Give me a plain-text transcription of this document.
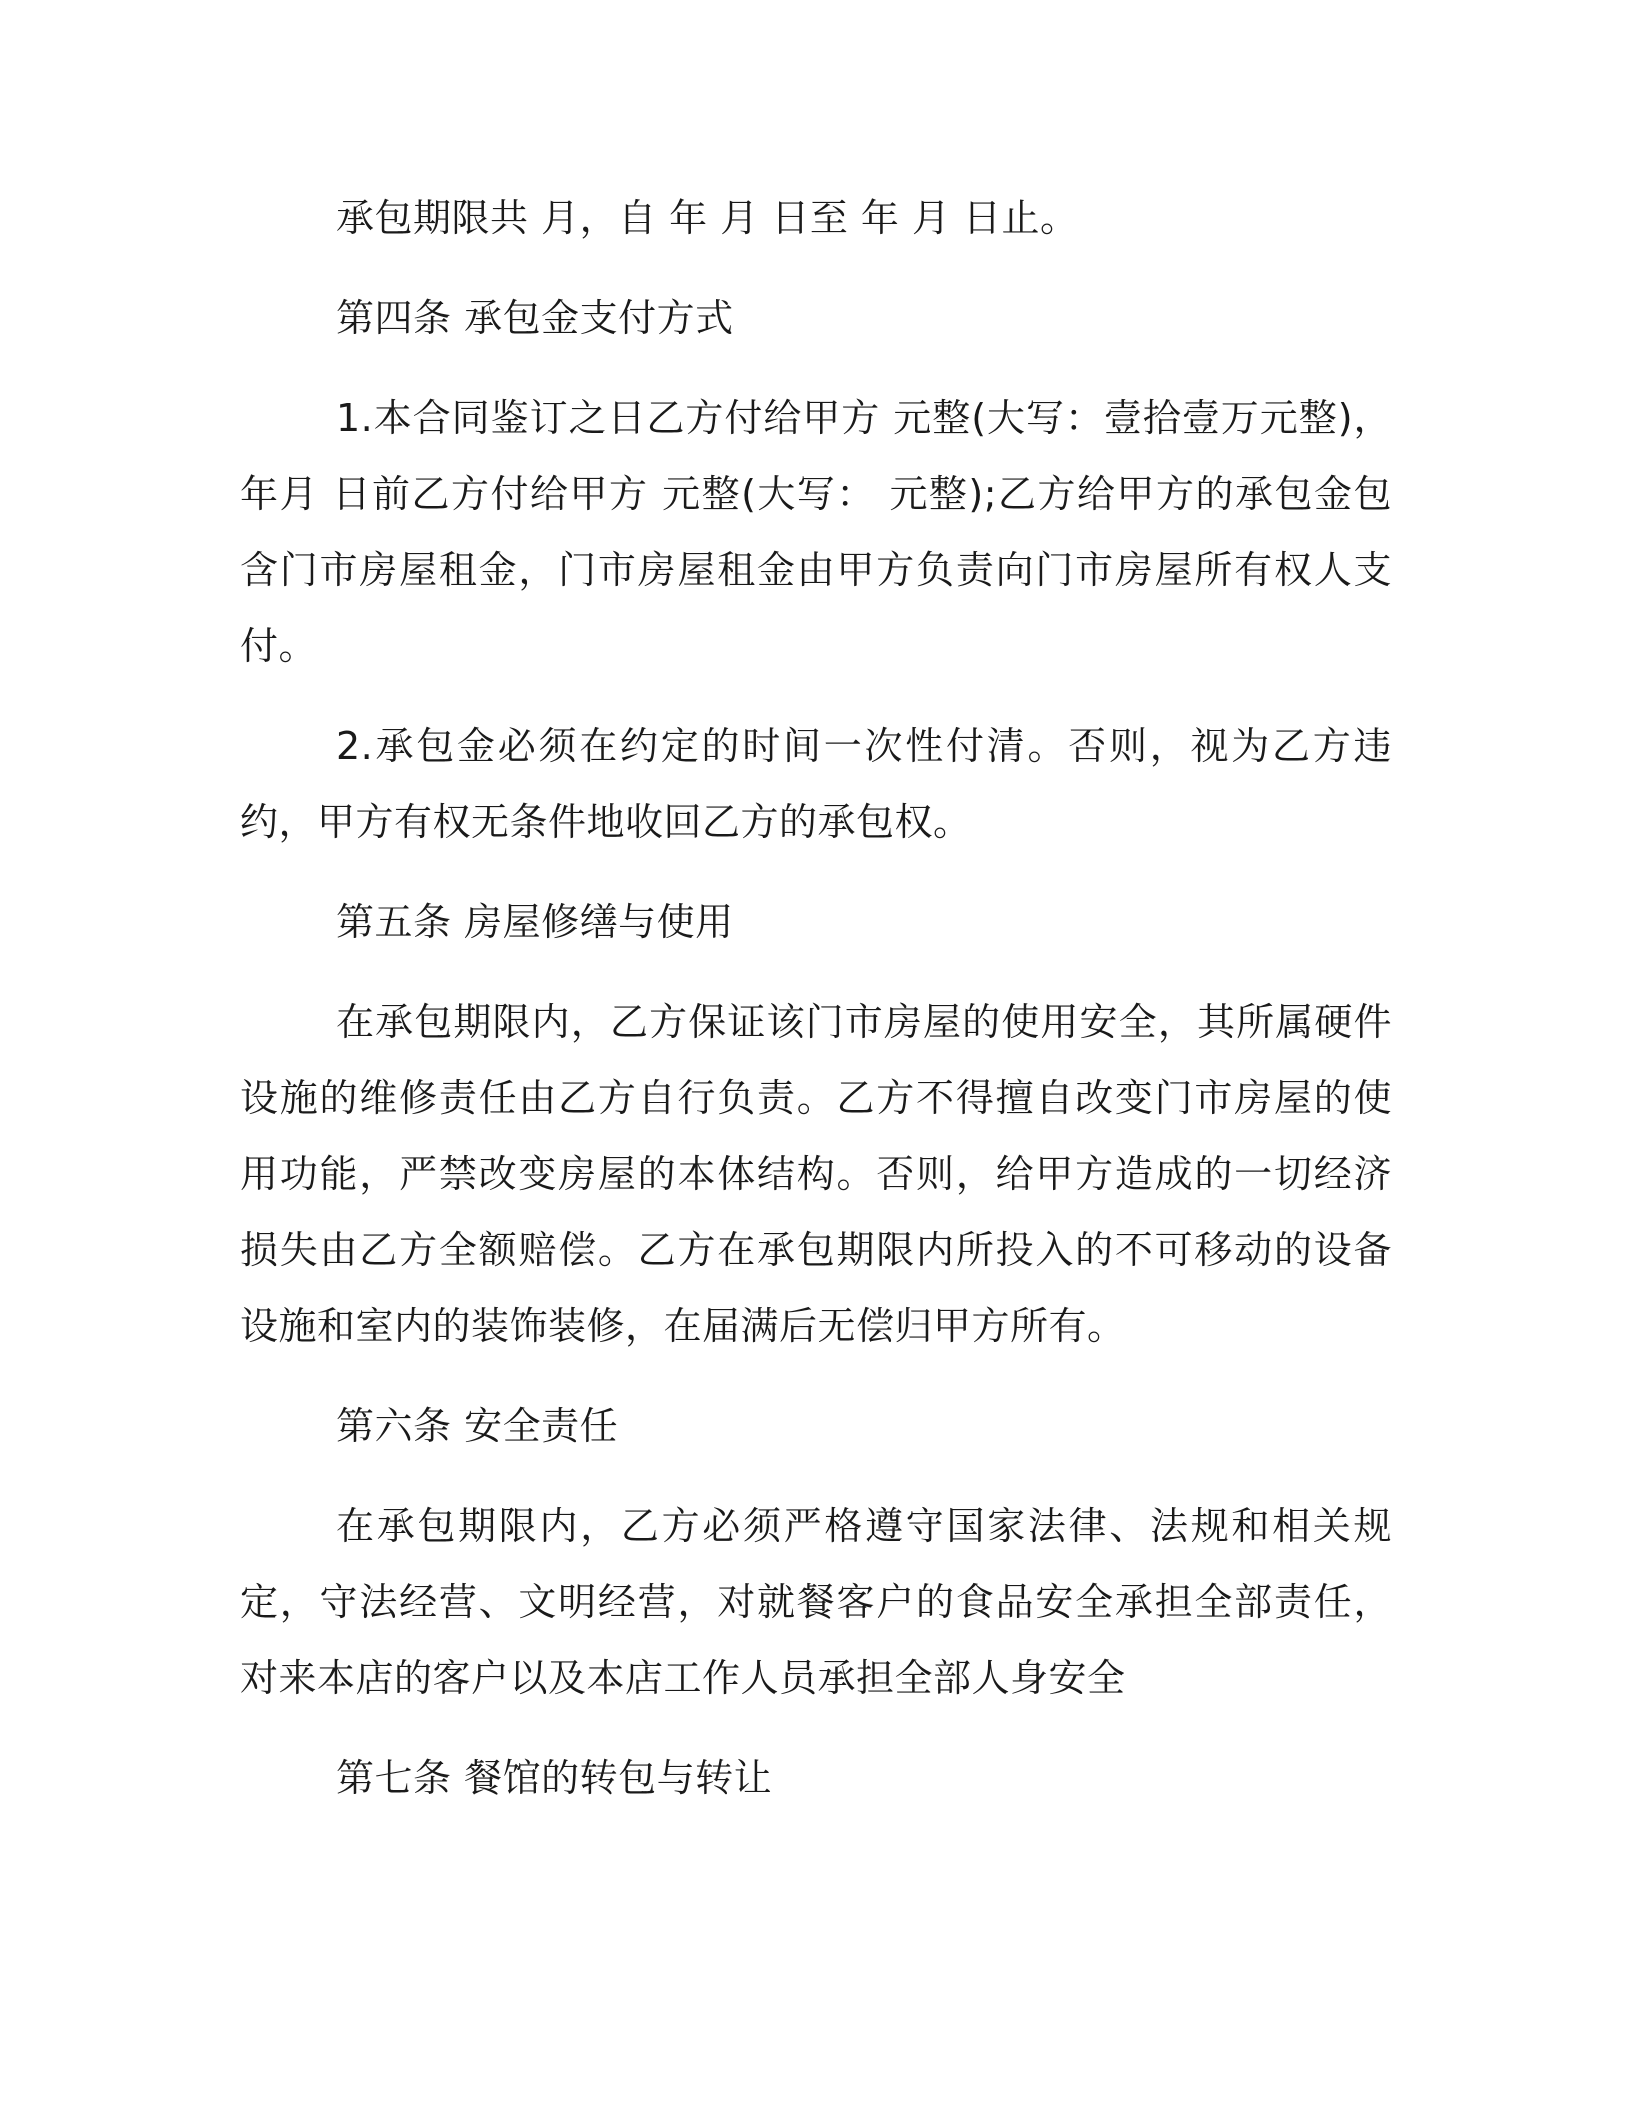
承包期限共 月，自 年 月 日至 年 月 日止。

第四条 承包金支付方式

1.本合同鉴订之日乙方付给甲方 元整(大写：壹拾壹万元整)， 年月 日前乙方付给甲方 元整(大写： 元整);乙方给甲方的承包金包含门市房屋租金，门市房屋租金由甲方负责向门市房屋所有权人支付。

2.承包金必须在约定的时间一次性付清。否则，视为乙方违约，甲方有权无条件地收回乙方的承包权。

第五条 房屋修缮与使用

在承包期限内，乙方保证该门市房屋的使用安全，其所属硬件设施的维修责任由乙方自行负责。乙方不得擅自改变门市房屋的使用功能，严禁改变房屋的本体结构。否则，给甲方造成的一切经济损失由乙方全额赔偿。乙方在承包期限内所投入的不可移动的设备设施和室内的装饰装修，在届满后无偿归甲方所有。

第六条 安全责任

在承包期限内，乙方必须严格遵守国家法律、法规和相关规定，守法经营、文明经营，对就餐客户的食品安全承担全部责任，对来本店的客户以及本店工作人员承担全部人身安全

第七条 餐馆的转包与转让
